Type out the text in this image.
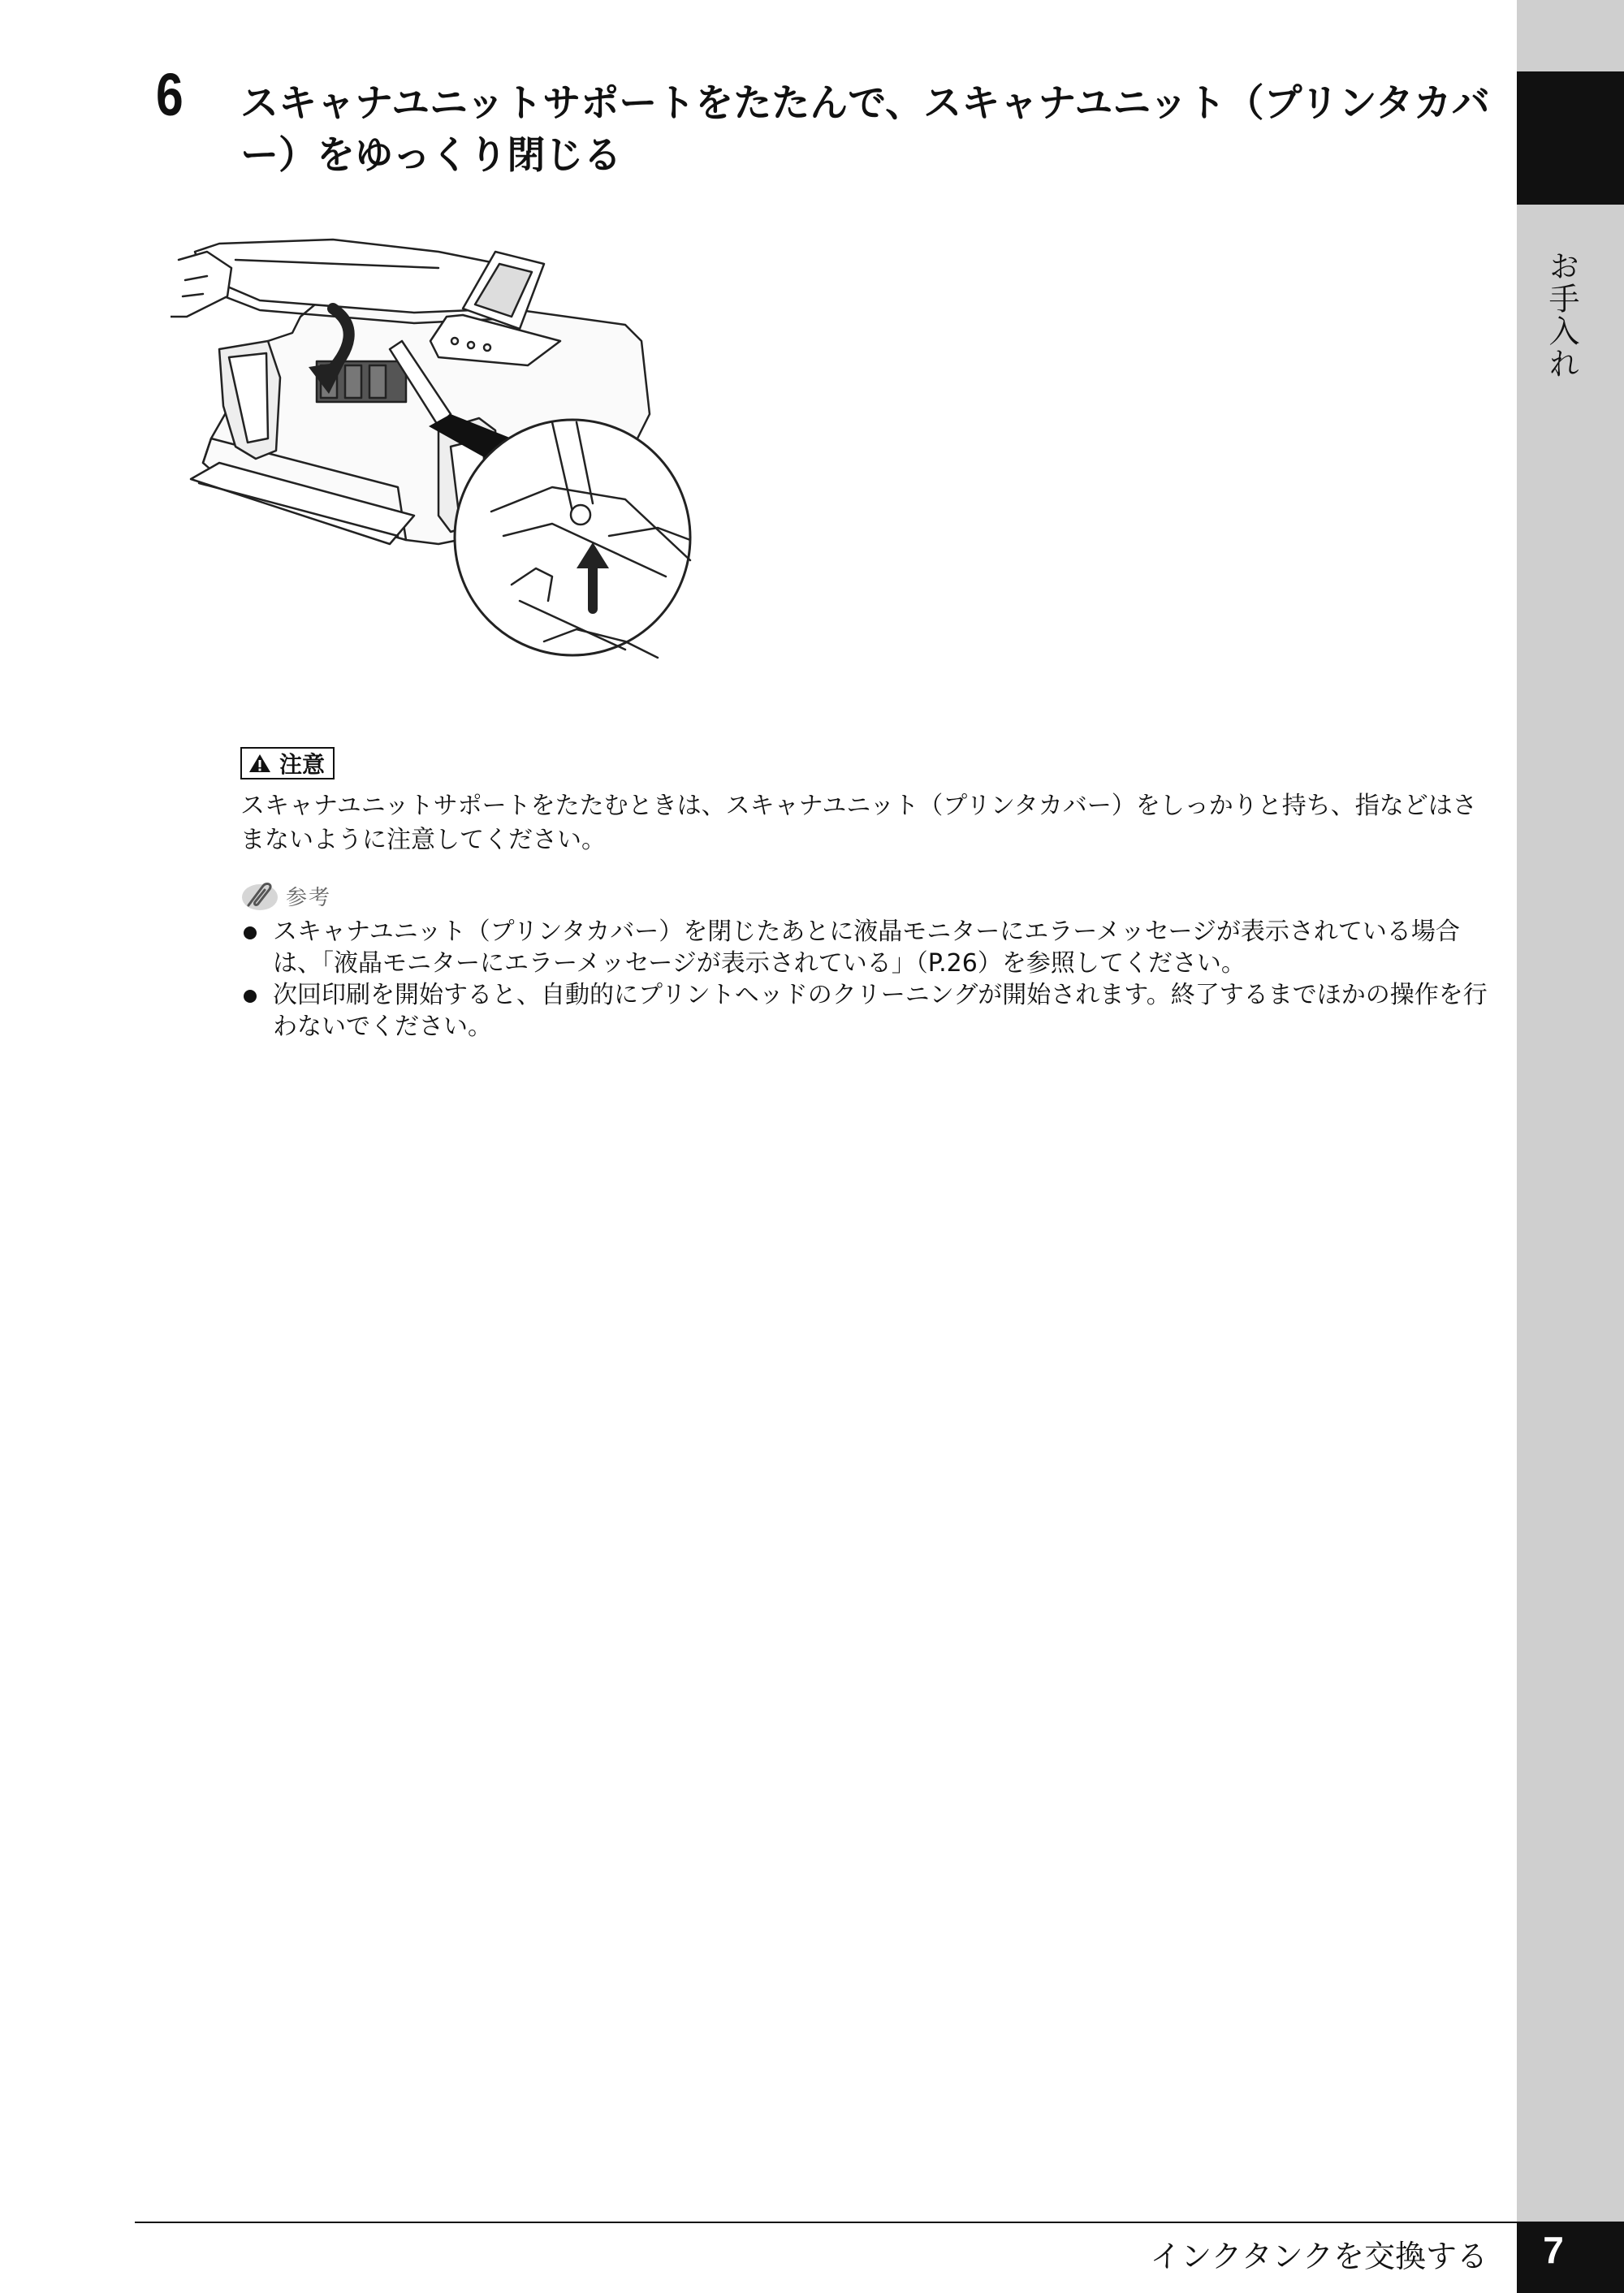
お手入れ
6 スキャナユニットサポートをたたんで、スキャナユニット（プリンタカバー）をゆっくり閉じる
注意

スキャナユニットサポートをたたむときは、スキャナユニット（プリンタカバー）をしっかりと持ち、指などはさまないように注意してください。

参考
スキャナユニット（プリンタカバー）を閉じたあとに液晶モニターにエラーメッセージが表示されている場合は、「液晶モニターにエラーメッセージが表示されている」（P.26）を参照してください。
次回印刷を開始すると、自動的にプリントヘッドのクリーニングが開始されます。終了するまでほかの操作を行わないでください。
インクタンクを交換する	7
